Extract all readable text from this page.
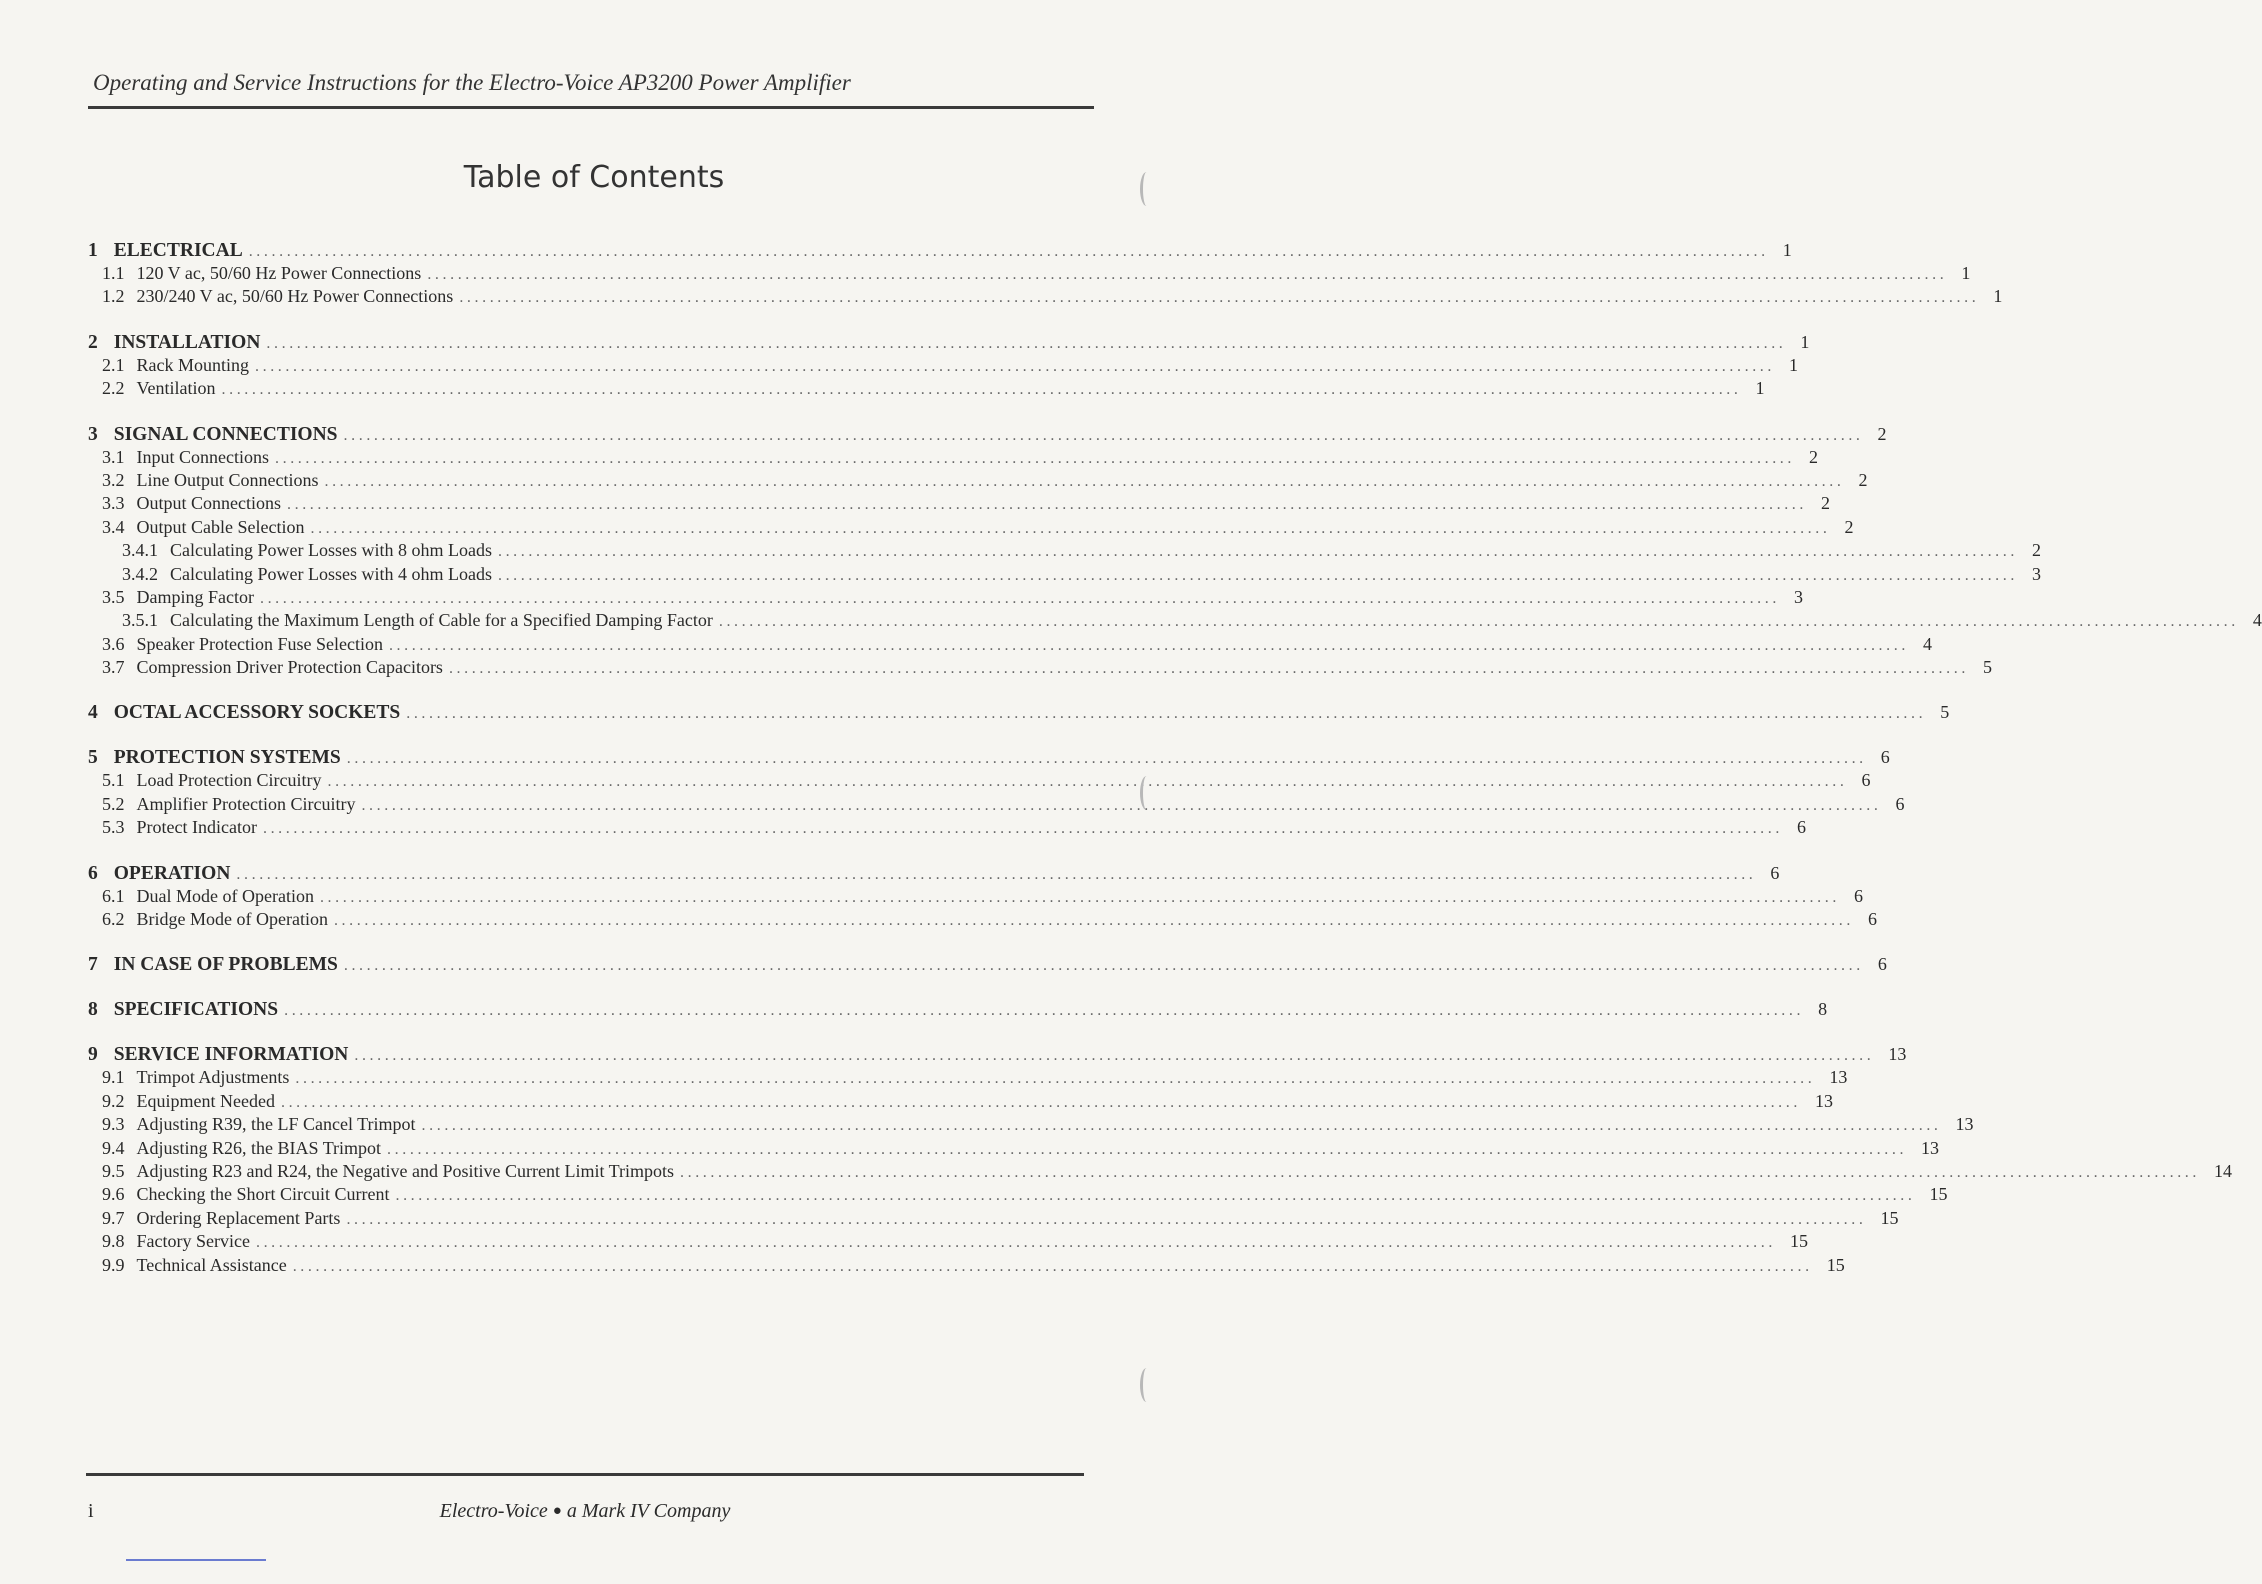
Operating and Service Instructions for the Electro-Voice AP3200 Power Amplifier
Table of Contents
1 ELECTRICAL ........................................................................................................................................................................................................ 1
1.1 120 V ac, 50/60 Hz Power Connections ........................................................................................................................................................................................................ 1
1.2 230/240 V ac, 50/60 Hz Power Connections ........................................................................................................................................................................................................ 1
2 INSTALLATION ........................................................................................................................................................................................................ 1
2.1 Rack Mounting ........................................................................................................................................................................................................ 1
2.2 Ventilation ........................................................................................................................................................................................................ 1
3 SIGNAL CONNECTIONS ........................................................................................................................................................................................................ 2
3.1 Input Connections ........................................................................................................................................................................................................ 2
3.2 Line Output Connections ........................................................................................................................................................................................................ 2
3.3 Output Connections ........................................................................................................................................................................................................ 2
3.4 Output Cable Selection ........................................................................................................................................................................................................ 2
3.4.1 Calculating Power Losses with 8 ohm Loads ........................................................................................................................................................................................................ 2
3.4.2 Calculating Power Losses with 4 ohm Loads ........................................................................................................................................................................................................ 3
3.5 Damping Factor ........................................................................................................................................................................................................ 3
3.5.1 Calculating the Maximum Length of Cable for a Specified Damping Factor ........................................................................................................................................................................................................ 4
3.6 Speaker Protection Fuse Selection ........................................................................................................................................................................................................ 4
3.7 Compression Driver Protection Capacitors ........................................................................................................................................................................................................ 5
4 OCTAL ACCESSORY SOCKETS ........................................................................................................................................................................................................ 5
5 PROTECTION SYSTEMS ........................................................................................................................................................................................................ 6
5.1 Load Protection Circuitry ........................................................................................................................................................................................................ 6
5.2 Amplifier Protection Circuitry ........................................................................................................................................................................................................ 6
5.3 Protect Indicator ........................................................................................................................................................................................................ 6
6 OPERATION ........................................................................................................................................................................................................ 6
6.1 Dual Mode of Operation ........................................................................................................................................................................................................ 6
6.2 Bridge Mode of Operation ........................................................................................................................................................................................................ 6
7 IN CASE OF PROBLEMS ........................................................................................................................................................................................................ 6
8 SPECIFICATIONS ........................................................................................................................................................................................................ 8
9 SERVICE INFORMATION ........................................................................................................................................................................................................ 13
9.1 Trimpot Adjustments ........................................................................................................................................................................................................ 13
9.2 Equipment Needed ........................................................................................................................................................................................................ 13
9.3 Adjusting R39, the LF Cancel Trimpot ........................................................................................................................................................................................................ 13
9.4 Adjusting R26, the BIAS Trimpot ........................................................................................................................................................................................................ 13
9.5 Adjusting R23 and R24, the Negative and Positive Current Limit Trimpots ........................................................................................................................................................................................................ 14
9.6 Checking the Short Circuit Current ........................................................................................................................................................................................................ 15
9.7 Ordering Replacement Parts ........................................................................................................................................................................................................ 15
9.8 Factory Service ........................................................................................................................................................................................................ 15
9.9 Technical Assistance ........................................................................................................................................................................................................ 15
i	Electro-Voice ● a Mark IV Company
